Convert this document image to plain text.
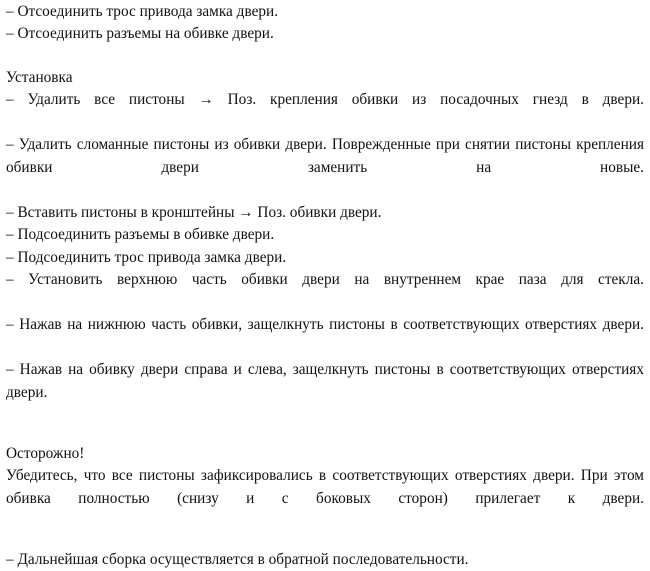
– Отсоединить трос привода замка двери.

– Отсоединить разъемы на обивке двери.

Установка

– Удалить все пистоны → Поз. крепления обивки из посадочных гнезд в двери.

– Удалить сломанные пистоны из обивки двери. Поврежденные при снятии пистоны крепления обивки двери заменить на новые.

– Вставить пистоны в кронштейны → Поз. обивки двери.

– Подсоединить разъемы в обивке двери.

– Подсоединить трос привода замка двери.

– Установить верхнюю часть обивки двери на внутреннем крае паза для стекла.

– Нажав на нижнюю часть обивки, защелкнуть пистоны в соответствующих отверстиях двери.

– Нажав на обивку двери справа и слева, защелкнуть пистоны в соответствующих отверстиях двери.

Осторожно!

Убедитесь, что все пистоны зафиксировались в соответствующих отверстиях двери. При этом обивка полностью (снизу и с боковых сторон) прилегает к двери.

– Дальнейшая сборка осуществляется в обратной последовательности.
